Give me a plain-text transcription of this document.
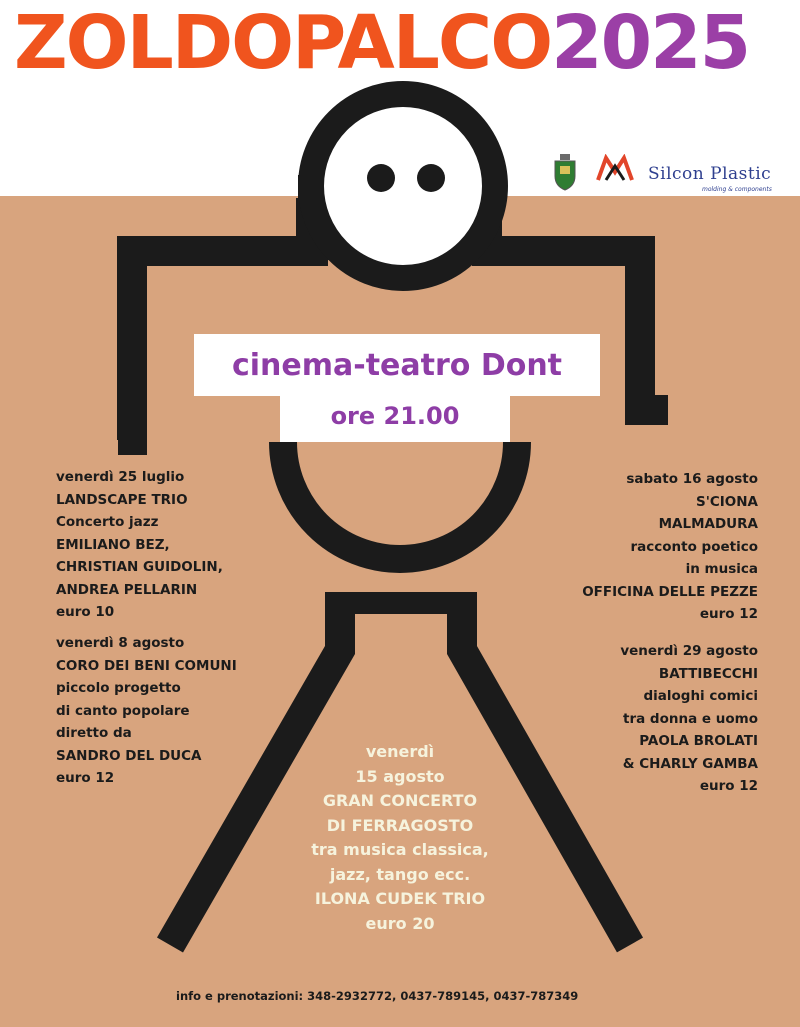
ZOLDOPALCO2025
Silcon Plastic
molding & components

cinema-teatro Dont

ore 21.00

venerdì 25 luglio
LANDSCAPE TRIO
Concerto jazz
EMILIANO BEZ,
CHRISTIAN GUIDOLIN,
ANDREA PELLARIN
euro 10
venerdì 8 agosto
CORO DEI BENI COMUNI
piccolo progetto
di canto popolare
diretto da
SANDRO DEL DUCA
euro 12
sabato 16 agosto
S'CIONA
MALMADURA
racconto poetico
in musica
OFFICINA DELLE PEZZE
euro 12
venerdì 29 agosto
BATTIBECCHI
dialoghi comici
tra donna e uomo
PAOLA BROLATI
& CHARLY GAMBA
euro 12
venerdì
15 agosto
GRAN CONCERTO
DI FERRAGOSTO
tra musica classica,
jazz, tango ecc.
ILONA CUDEK TRIO
euro 20

info e prenotazioni: 348-2932772, 0437-789145, 0437-787349
